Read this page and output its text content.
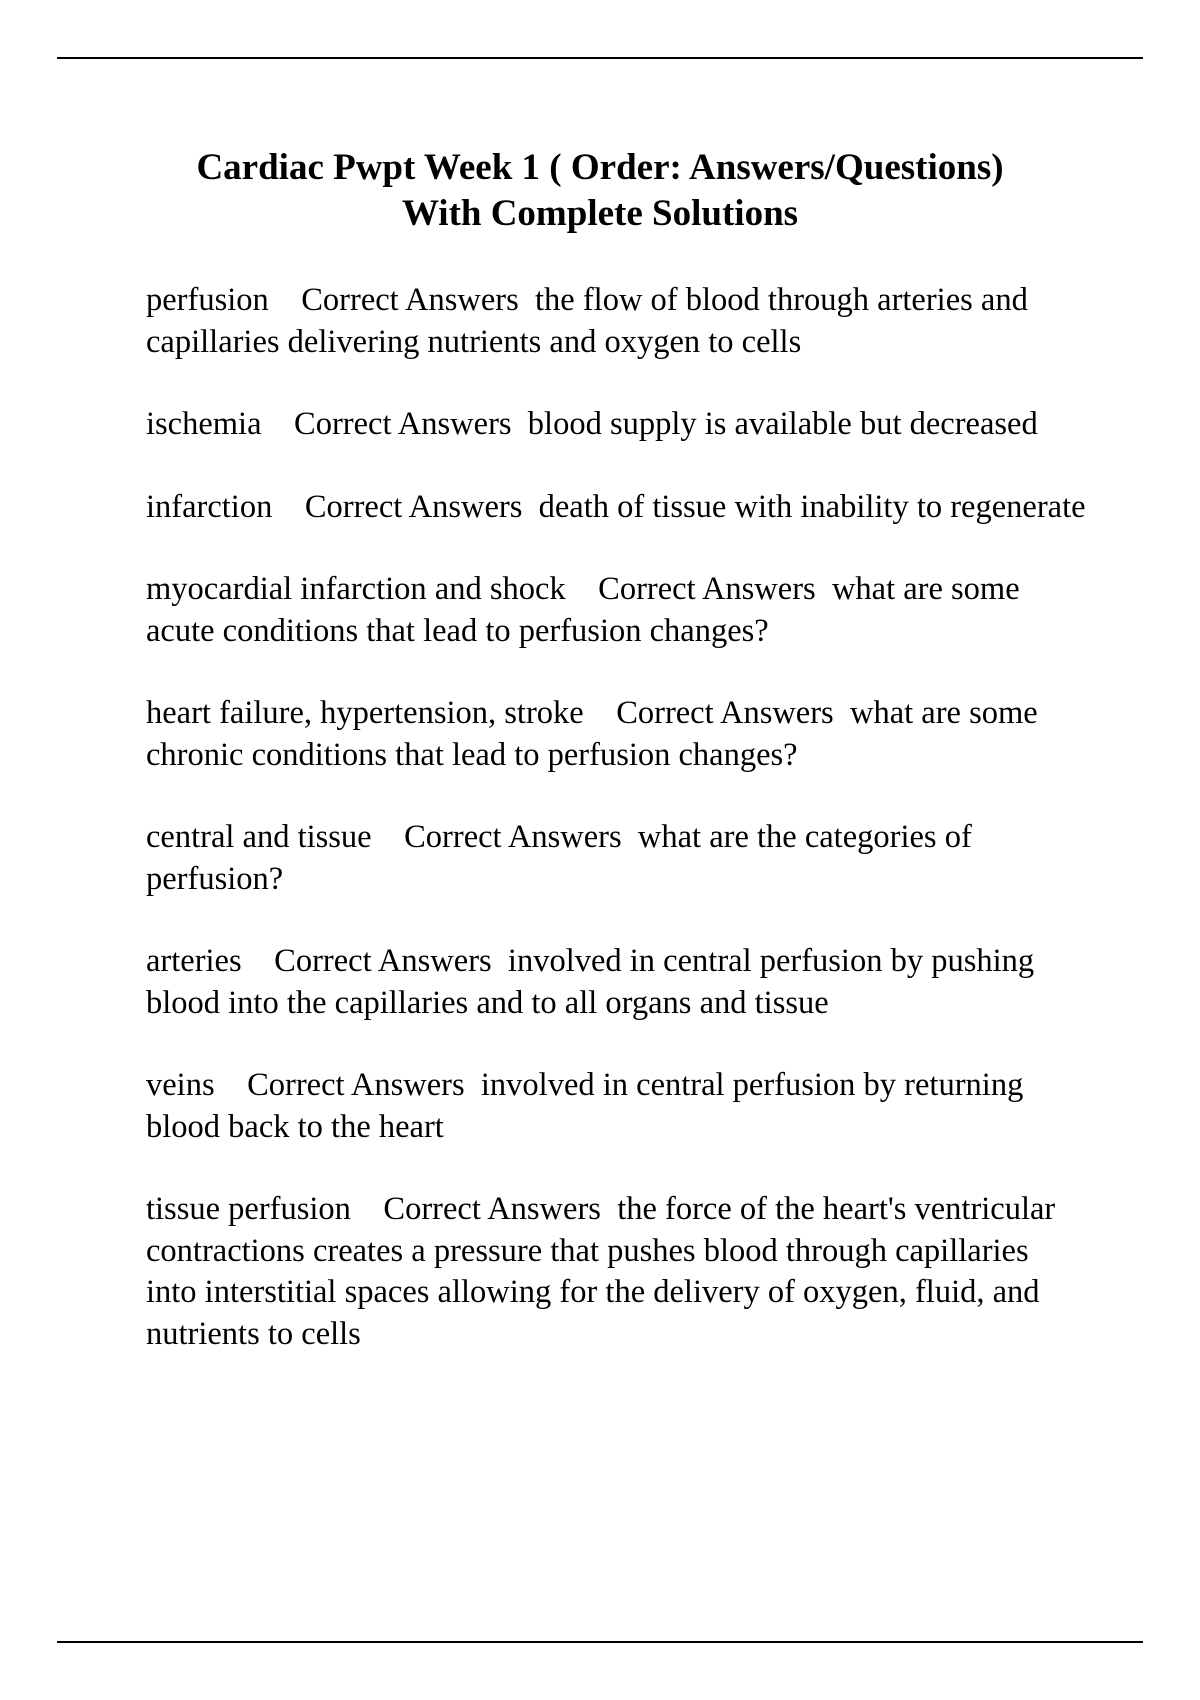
Cardiac Pwpt Week 1 ( Order: Answers/Questions)
With Complete Solutions

perfusion Correct Answers the flow of blood through arteries and capillaries delivering nutrients and oxygen to cells

ischemia Correct Answers blood supply is available but decreased

infarction Correct Answers death of tissue with inability to regenerate

myocardial infarction and shock Correct Answers what are some acute conditions that lead to perfusion changes?

heart failure, hypertension, stroke Correct Answers what are some chronic conditions that lead to perfusion changes?

central and tissue Correct Answers what are the categories of perfusion?

arteries Correct Answers involved in central perfusion by pushing blood into the capillaries and to all organs and tissue

veins Correct Answers involved in central perfusion by returning blood back to the heart

tissue perfusion Correct Answers the force of the heart's ventricular contractions creates a pressure that pushes blood through capillaries into interstitial spaces allowing for the delivery of oxygen, fluid, and nutrients to cells
